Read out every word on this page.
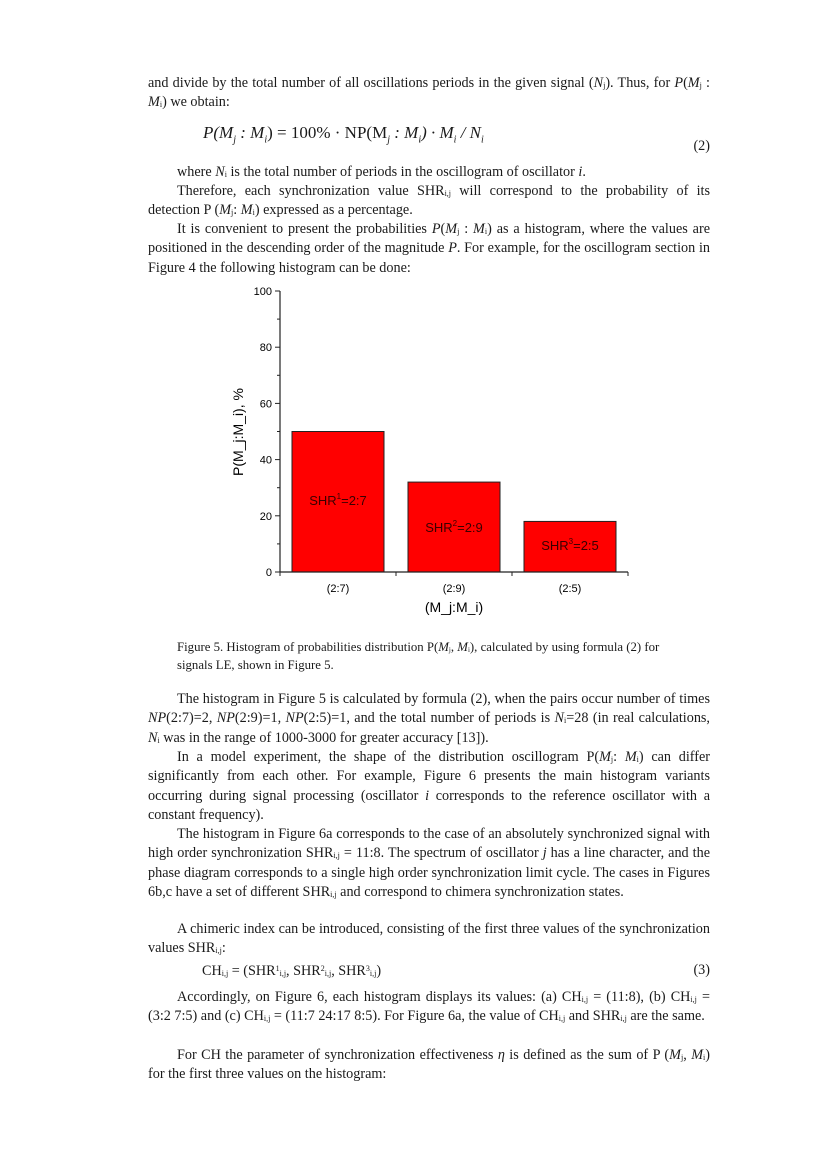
and divide by the total number of all oscillations periods in the given signal $(N_j)$. Thus, for $P(M_j$ : $M_i$) we obtain:
$P(M_j$ : $M_i) = 100\% \cdot NP(M_j$ : $M_i) \cdot M_i / N_i$	(2)
where $N_i$ is the total number of periods in the oscillogram of oscillator i.
Therefore, each synchronization value $SHR_{i,j}$ will correspond to the probability of its detection P ($M_j$: $M_i$) expressed as a percentage.
It is convenient to present the probabilities $P(M_j$ : $M_i$) as a histogram, where the values are positioned in the descending order of the magnitude P. For example, for the oscillogram section in Figure 4 the following histogram can be done:
(M_j:M_i)
P(M_j:M_i), %
0
20
40
60
80
100
(2:7)	(2:9)	(2:5)
$SHR^1=2:7$
$SHR^2=2:9$
$SHR^3=2:5$
Figure 5. Histogram of probabilities distribution $P(M_j$, $M_i$), calculated by using formula (2) for signals LE, shown in Figure 5.
The histogram in Figure 5 is calculated by formula (2), when the pairs occur number of times NP(2:7)=2, NP(2:9)=1, NP(2:5)=1, and the total number of periods is $N_i=28$ (in real calculations, $N_i$ was in the range of 1000-3000 for greater accuracy [13]).
In a model experiment, the shape of the distribution oscillogram $P(M_j$: $M_i$) can differ significantly from each other. For example, Figure 6 presents the main histogram variants occurring during signal processing (oscillator i corresponds to the reference oscillator with a constant frequency).
The histogram in Figure 6a corresponds to the case of an absolutely synchronized signal with high order synchronization $SHR_{i,j}$ = 11:8. The spectrum of oscillator j has a line character, and the phase diagram corresponds to a single high order synchronization limit cycle. The cases in Figures 6b,c have a set of different $SHR_{i,j}$ and correspond to chimera synchronization states.
A chimeric index can be introduced, consisting of the first three values of the synchronization values $SHR_{i,j}$:
$CH_{i,j} = (SHR^1_{i,j}$, $SHR^2_{i,j}$, $SHR^3_{i,j}$)	(3)
Accordingly, on Figure 6, each histogram displays its values: (a) $CH_{i,j}$ = (11:8), (b) $CH_{i,j}$ = (3:2 7:5) and (c) $CH_{i,j}$ = (11:7 24:17 8:5). For Figure 6a, the value of $CH_{i,j}$ and $SHR_{i,j}$ are the same.
For CH the parameter of synchronization effectiveness η is defined as the sum of P ($M_j$, $M_i$) for the first three values on the histogram:
